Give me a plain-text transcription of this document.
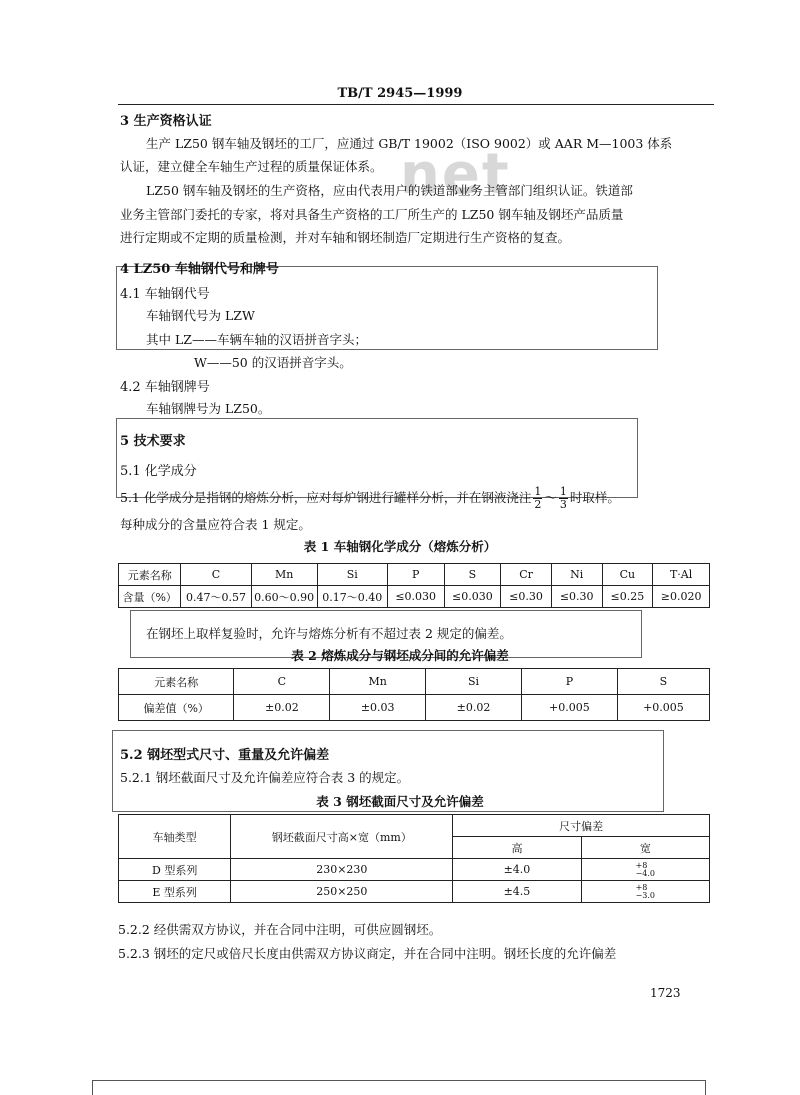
net
TB/T 2945—1999
3 生产资格认证
生产 LZ50 钢车轴及钢坯的工厂，应通过 GB/T 19002（ISO 9002）或 AAR M—1003 体系
认证，建立健全车轴生产过程的质量保证体系。
LZ50 钢车轴及钢坯的生产资格，应由代表用户的铁道部业务主管部门组织认证。铁道部
业务主管部门委托的专家，将对具备生产资格的工厂所生产的 LZ50 钢车轴及钢坯产品质量
进行定期或不定期的质量检测，并对车轴和钢坯制造厂定期进行生产资格的复查。
4 LZ50 车轴钢代号和牌号
4.1 车轴钢代号
车轴钢代号为 LZW
其中 LZ——车辆车轴的汉语拼音字头；
W——50 的汉语拼音字头。
4.2 车轴钢牌号
车轴钢牌号为 LZ50。
5 技术要求
5.1 化学成分
5.1 化学成分是指钢的熔炼分析，应对每炉钢进行罐样分析，并在钢液浇注 $\frac{1}{2}$ ～ $\frac{1}{3}$ 时取样。
每种成分的含量应符合表 1 规定。
表 1 车轴钢化学成分（熔炼分析）
元素名称	C	Mn	Si	P	S	Cr	Ni	Cu	T·Al
含量（%）	0.47～0.57	0.60～0.90	0.17～0.40	≤0.030	≤0.030	≤0.30	≤0.30	≤0.25	≥0.020
在钢坯上取样复验时，允许与熔炼分析有不超过表 2 规定的偏差。
表 2 熔炼成分与钢坯成分间的允许偏差
元素名称	C	Mn	Si	P	S
偏差值（%）	±0.02	±0.03	±0.02	+0.005	+0.005
5.2 钢坯型式尺寸、重量及允许偏差
5.2.1 钢坯截面尺寸及允许偏差应符合表 3 的规定。
表 3 钢坯截面尺寸及允许偏差
车轴类型	钢坯截面尺寸高×宽（mm）	尺寸偏差	
		高	宽
D 型系列	230×230	±4.0	+8
−4.0

E 型系列	250×250	±4.5	+8
−3.0
5.2.2 经供需双方协议，并在合同中注明，可供应圆钢坯。
5.2.3 钢坯的定尺或倍尺长度由供需双方协议商定，并在合同中注明。钢坯长度的允许偏差
1723
